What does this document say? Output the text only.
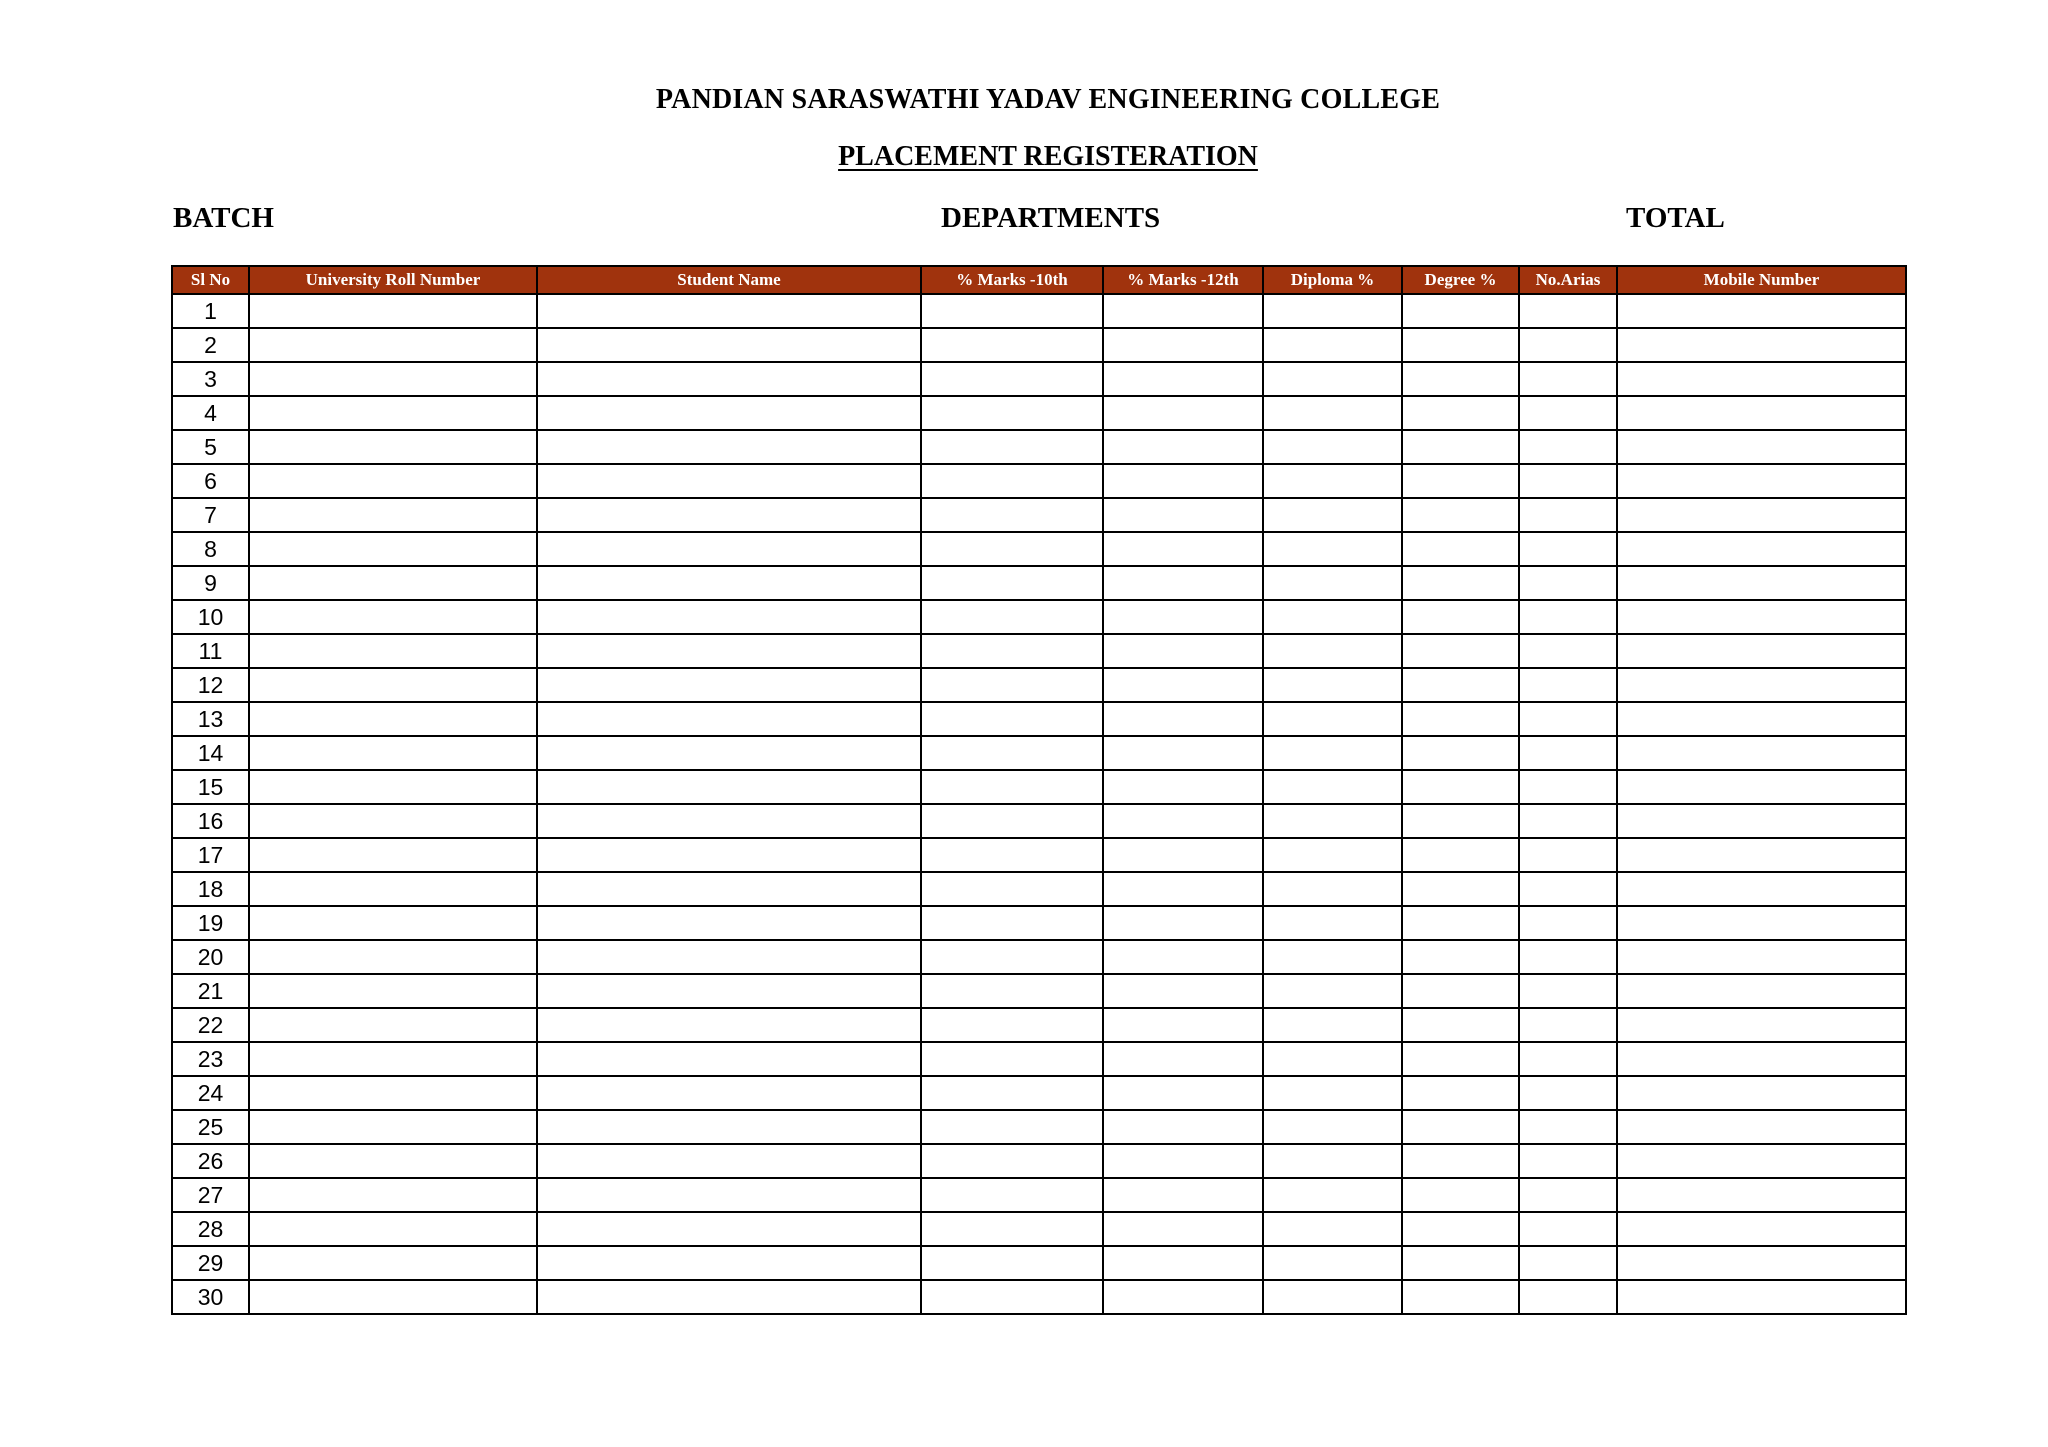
PANDIAN SARASWATHI YADAV ENGINEERING COLLEGE
PLACEMENT REGISTERATION
BATCH	DEPARTMENTS	TOTAL
Sl No	University Roll Number	Student Name	% Marks -10th	% Marks -12th	Diploma %	Degree %	No.Arias	Mobile Number
1								
2								
3								
4								
5								
6								
7								
8								
9								
10								
11								
12								
13								
14								
15								
16								
17								
18								
19								
20								
21								
22								
23								
24								
25								
26								
27								
28								
29								
30								
